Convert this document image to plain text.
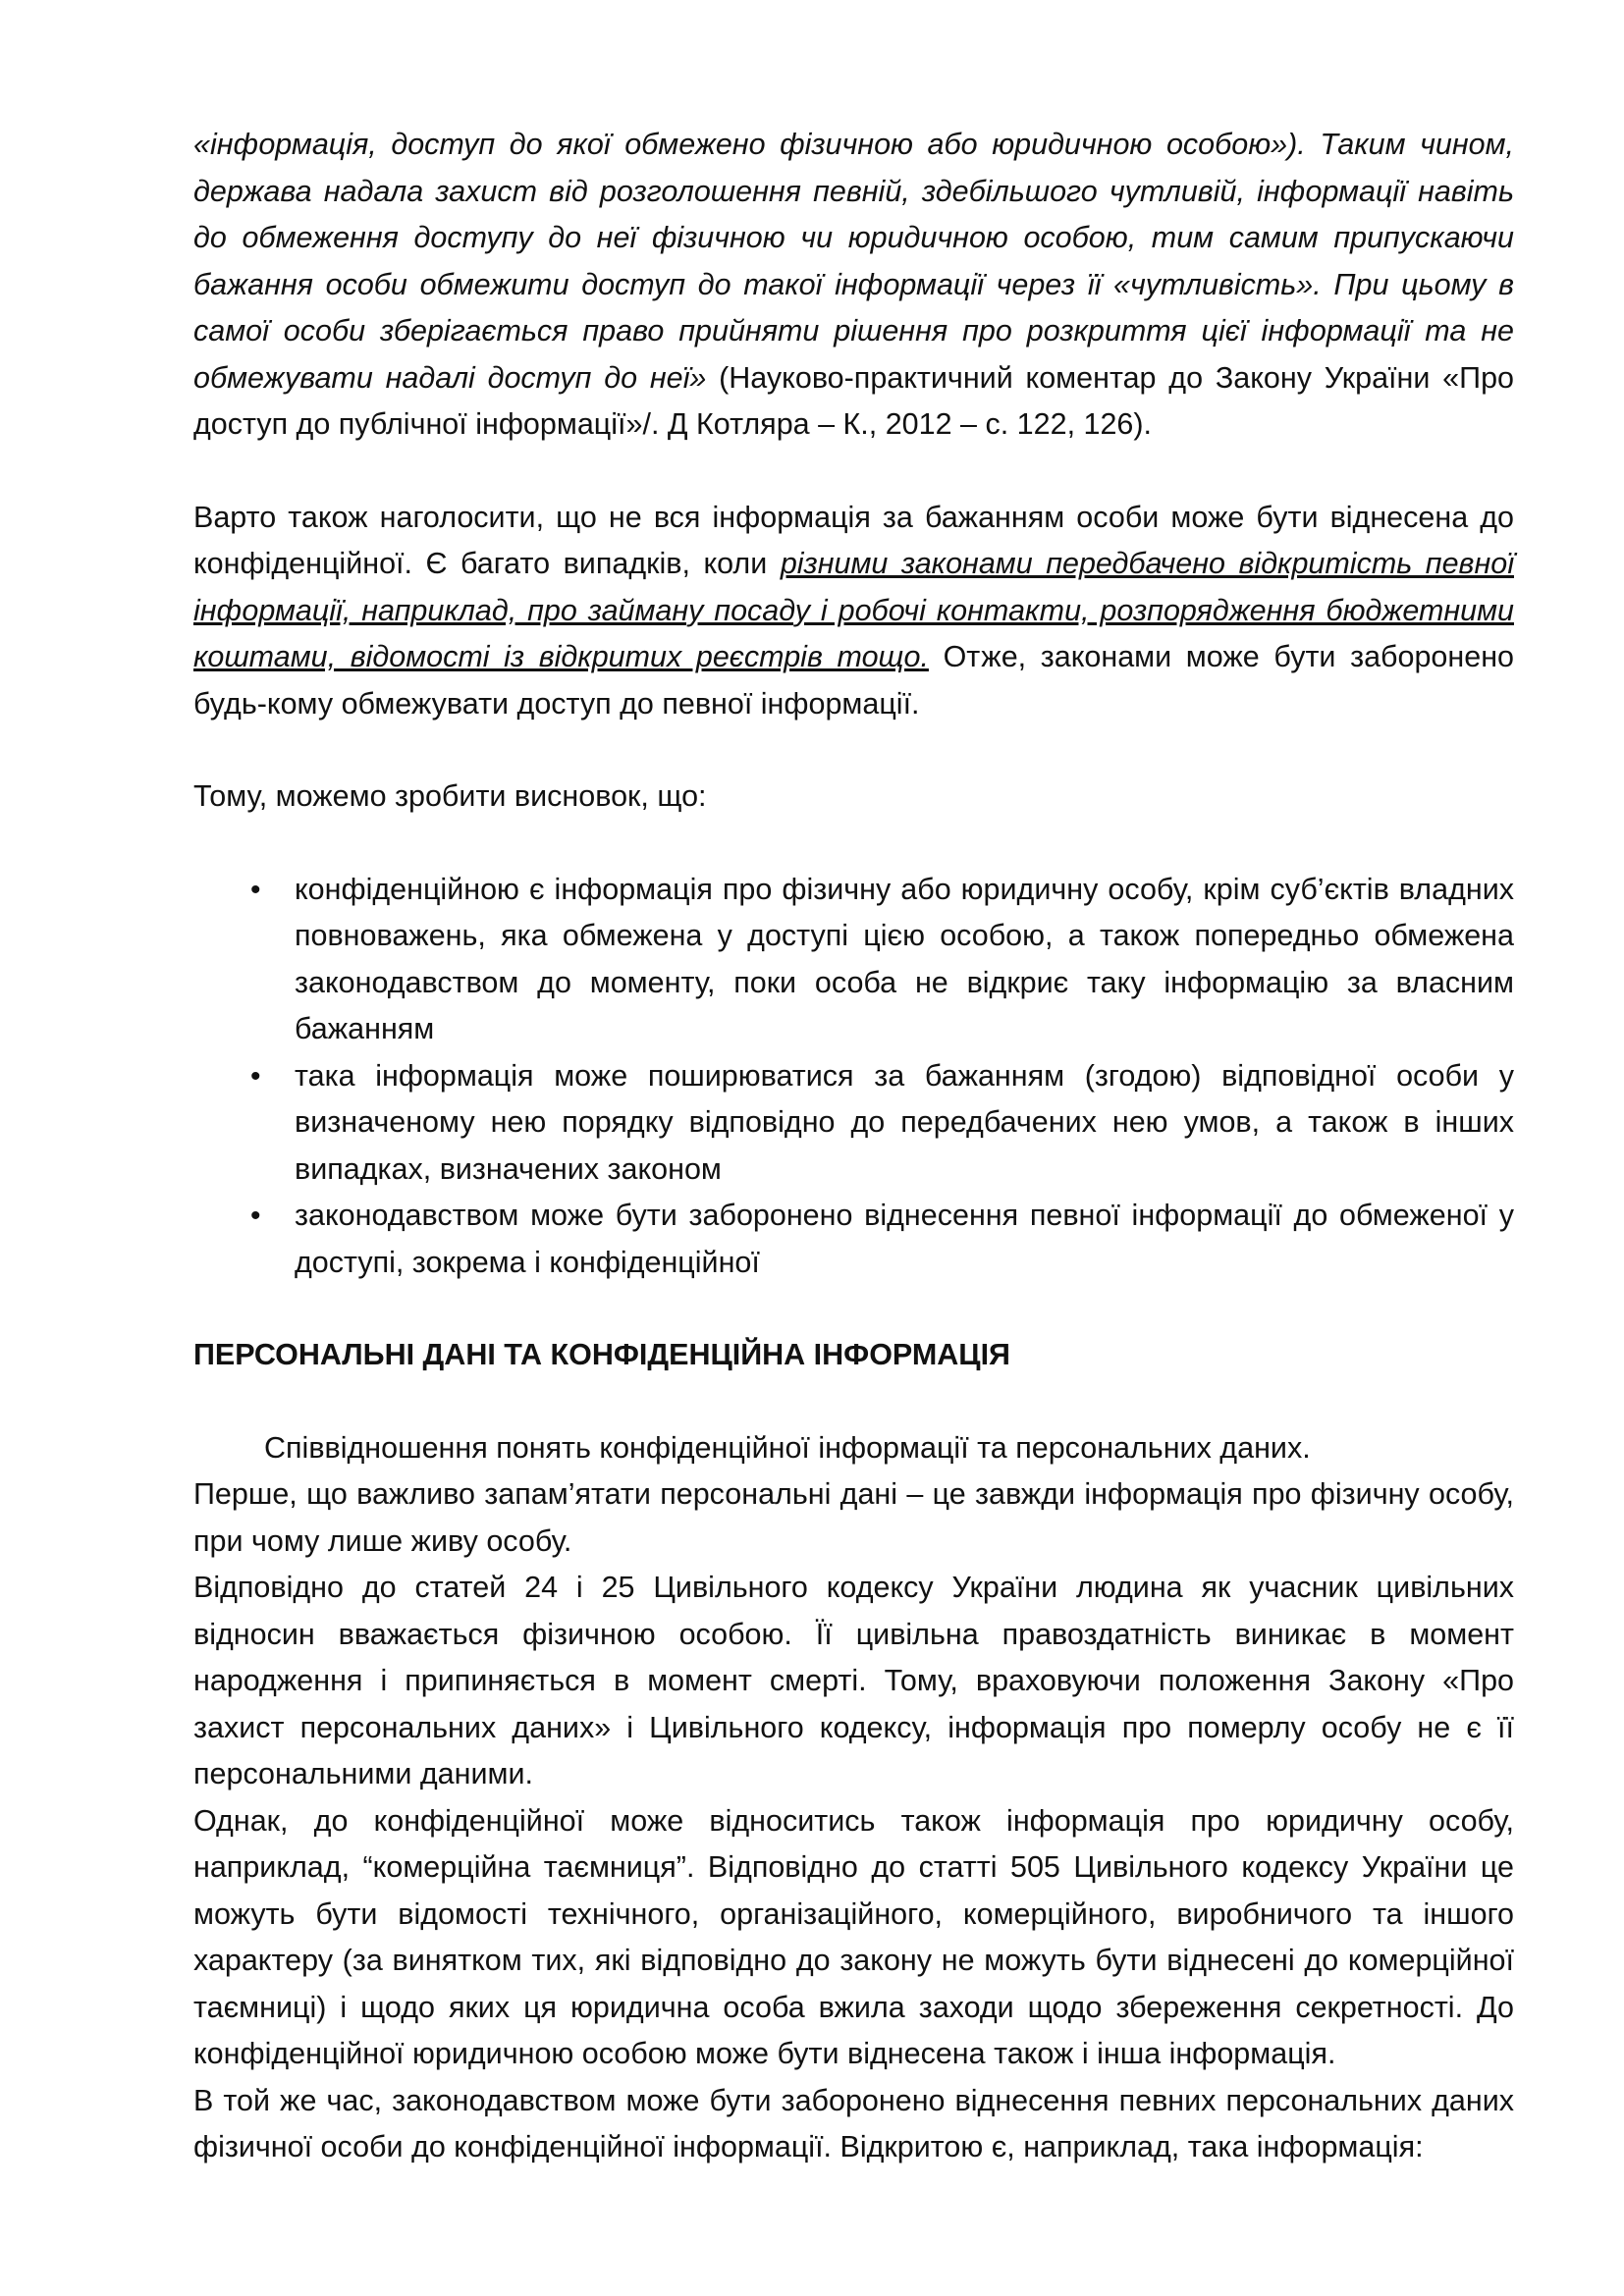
«інформація, доступ до якої обмежено фізичною або юридичною особою»). Таким чином, держава надала захист від розголошення певній, здебільшого чутливій, інформації навіть до обмеження доступу до неї фізичною чи юридичною особою, тим самим припускаючи бажання особи обмежити доступ до такої інформації через її «чутливість». При цьому в самої особи зберігається право прийняти рішення про розкриття цієї інформації та не обмежувати надалі доступ до неї» (Науково-практичний коментар до Закону України «Про доступ до публічної інформації»/. Д Котляра – К., 2012 – с. 122, 126).

Варто також наголосити, що не вся інформація за бажанням особи може бути віднесена до конфіденційної. Є багато випадків, коли різними законами передбачено відкритість певної інформації, наприклад, про займану посаду і робочі контакти, розпорядження бюджетними коштами, відомості із відкритих реєстрів тощо. Отже, законами може бути заборонено будь-кому обмежувати доступ до певної інформації.

Тому, можемо зробити висновок, що:

• конфіденційною є інформація про фізичну або юридичну особу, крім суб’єктів владних повноважень, яка обмежена у доступі цією особою, а також попередньо обмежена законодавством до моменту, поки особа не відкриє таку інформацію за власним бажанням
• така інформація може поширюватися за бажанням (згодою) відповідної особи у визначеному нею порядку відповідно до передбачених нею умов, а також в інших випадках, визначених законом
• законодавством може бути заборонено віднесення певної інформації до обмеженої у доступі, зокрема і конфіденційної
ПЕРСОНАЛЬНІ ДАНІ ТА КОНФІДЕНЦІЙНА ІНФОРМАЦІЯ

Співвідношення понять конфіденційної інформації та персональних даних.

Перше, що важливо запам’ятати персональні дані – це завжди інформація про фізичну особу, при чому лише живу особу.

Відповідно до статей 24 і 25 Цивільного кодексу України людина як учасник цивільних відносин вважається фізичною особою. Її цивільна правоздатність виникає в момент народження і припиняється в момент смерті. Тому, враховуючи положення Закону «Про захист персональних даних» і Цивільного кодексу, інформація про померлу особу не є її персональними даними.

Однак, до конфіденційної може відноситись також інформація про юридичну особу, наприклад, “комерційна таємниця”. Відповідно до статті 505 Цивільного кодексу України це можуть бути відомості технічного, організаційного, комерційного, виробничого та іншого характеру (за винятком тих, які відповідно до закону не можуть бути віднесені до комерційної таємниці) і щодо яких ця юридична особа вжила заходи щодо збереження секретності. До конфіденційної юридичною особою може бути віднесена також і інша інформація.

В той же час, законодавством може бути заборонено віднесення певних персональних даних фізичної особи до конфіденційної інформації. Відкритою є, наприклад, така інформація:
